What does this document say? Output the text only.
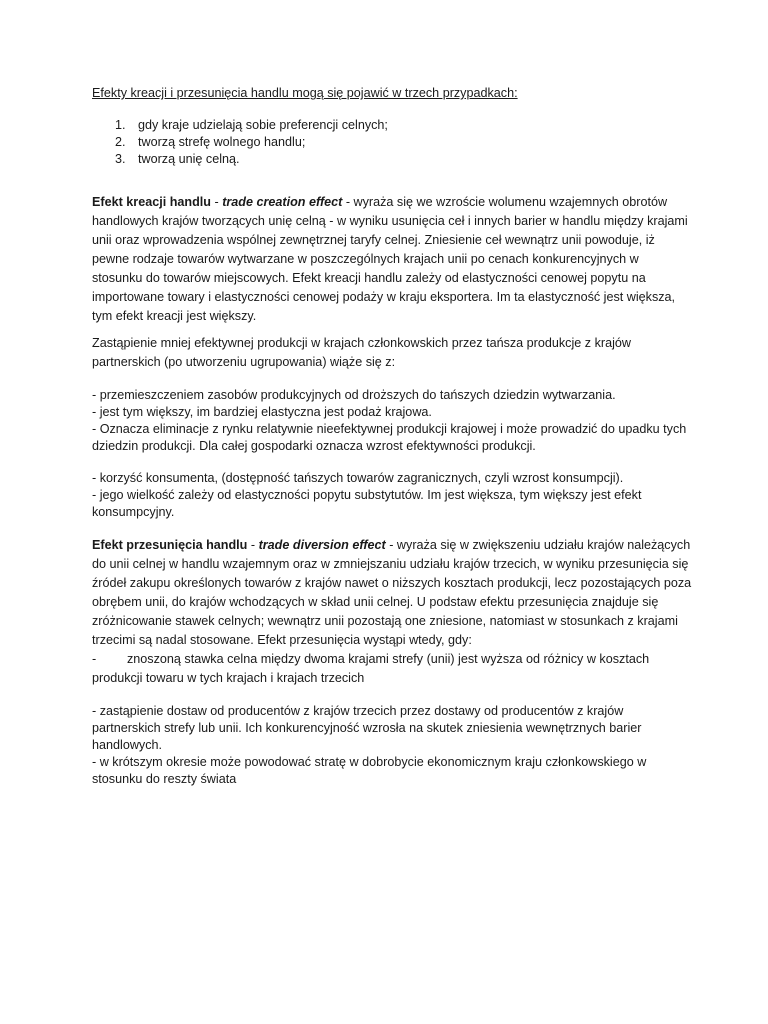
Efekty kreacji i przesunięcia handlu mogą się pojawić w trzech przypadkach:

1. gdy kraje udzielają sobie preferencji celnych;
2. tworzą strefę wolnego handlu;
3. tworzą unię celną.

Efekt kreacji handlu - trade creation effect - wyraża się we wzroście wolumenu wzajemnych obrotów handlowych krajów tworzących unię celną - w wyniku usunięcia ceł i innych barier w handlu między krajami unii oraz wprowadzenia wspólnej zewnętrznej taryfy celnej. Zniesienie ceł wewnątrz unii powoduje, iż pewne rodzaje towarów wytwarzane w poszczególnych krajach unii po cenach konkurencyjnych w stosunku do towarów miejscowych. Efekt kreacji handlu zależy od elastyczności cenowej popytu na importowane towary i elastyczności cenowej podaży w kraju eksportera. Im ta elastyczność jest większa, tym efekt kreacji jest większy.

Zastąpienie mniej efektywnej produkcji w krajach członkowskich przez tańsza produkcje z krajów partnerskich (po utworzeniu ugrupowania) wiąże się z:

- przemieszczeniem zasobów produkcyjnych od droższych do tańszych dziedzin wytwarzania.

- jest tym większy, im bardziej elastyczna jest podaż krajowa.

- Oznacza eliminacje z rynku relatywnie nieefektywnej produkcji krajowej i może prowadzić do upadku tych dziedzin produkcji. Dla całej gospodarki oznacza wzrost efektywności produkcji.

- korzyść konsumenta, (dostępność tańszych towarów zagranicznych, czyli wzrost konsumpcji).

- jego wielkość zależy od elastyczności popytu substytutów. Im jest większa, tym większy jest efekt konsumpcyjny.

Efekt przesunięcia handlu - trade diversion effect - wyraża się w zwiększeniu udziału krajów należących do unii celnej w handlu wzajemnym oraz w zmniejszaniu udziału krajów trzecich, w wyniku przesunięcia się źródeł zakupu określonych towarów z krajów nawet o niższych kosztach produkcji, lecz pozostających poza obrębem unii, do krajów wchodzących w skład unii celnej. U podstaw efektu przesunięcia znajduje się zróżnicowanie stawek celnych; wewnątrz unii pozostają one zniesione, natomiast w stosunkach z krajami trzecimi są nadal stosowane. Efekt przesunięcia wystąpi wtedy, gdy:

- znoszoną stawka celna między dwoma krajami strefy (unii) jest wyższa od różnicy w kosztach produkcji towaru w tych krajach i krajach trzecich

- zastąpienie dostaw od producentów z krajów trzecich przez dostawy od producentów z krajów partnerskich strefy lub unii. Ich konkurencyjność wzrosła na skutek zniesienia wewnętrznych barier handlowych.

- w krótszym okresie może powodować stratę w dobrobycie ekonomicznym kraju członkowskiego w stosunku do reszty świata
